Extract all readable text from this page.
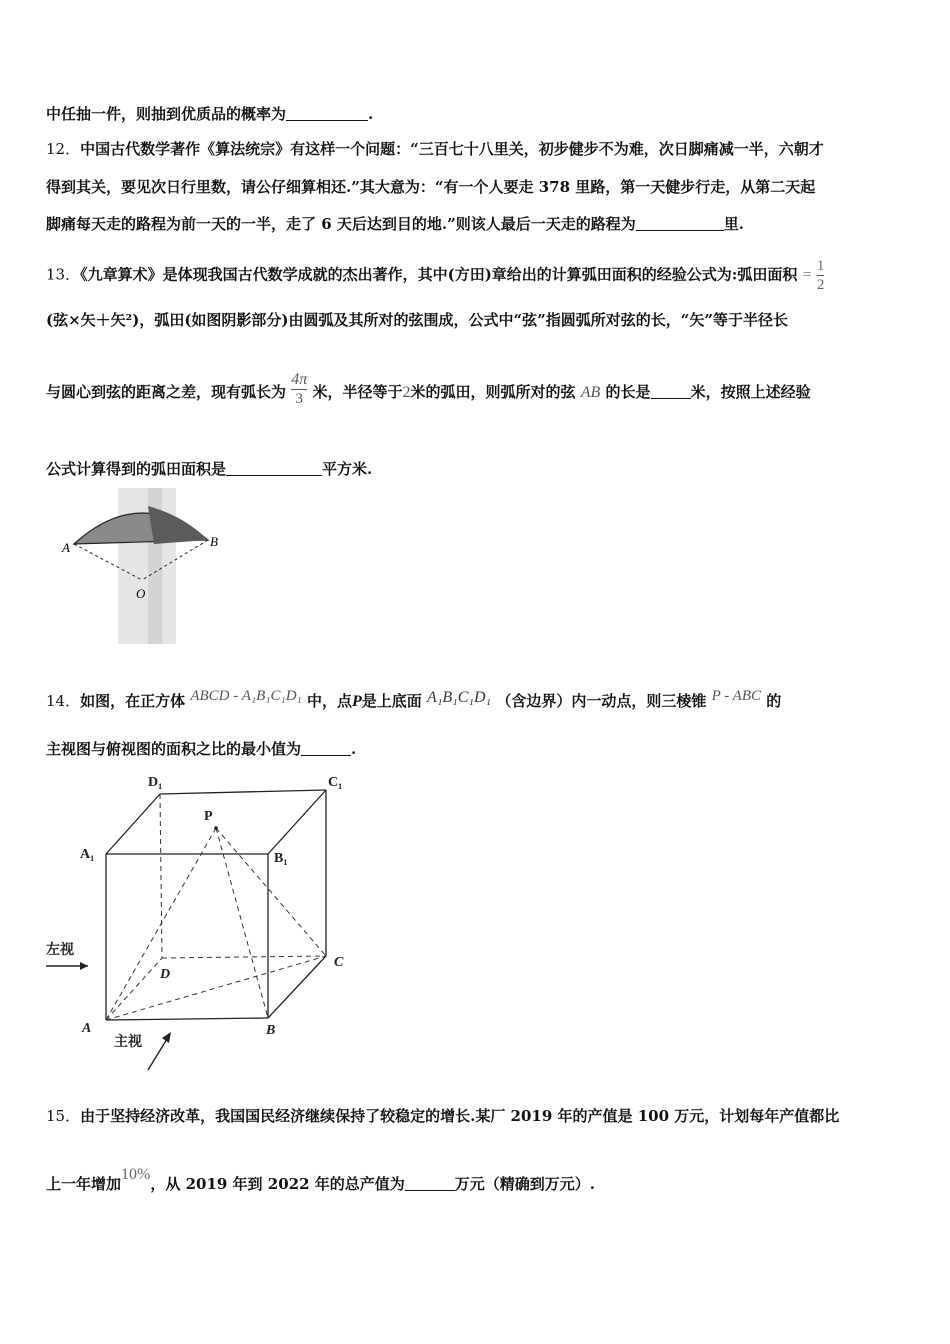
中任抽一件，则抽到优质品的概率为	.
12．中国古代数学著作《算法统宗》有这样一个问题：“三百七十八里关，初步健步不为难，次日脚痛减一半，六朝才
得到其关，要见次日行里数，请公仔细算相还.”其大意为：“有一个人要走 378 里路，第一天健步行走，从第二天起
脚痛每天走的路程为前一天的一半，走了 6 天后达到目的地.”则该人最后一天走的路程为	里.
13．《九章算术》是体现我国古代数学成就的杰出著作，其中(方田)章给出的计算弧田面积的经验公式为:弧田面积 = $\frac{1}{2}$
(弦×矢＋矢²)，弧田(如图阴影部分)由圆弧及其所对的弦围成，公式中“弦”指圆弧所对弦的长，“矢”等于半径长
与圆心到弦的距离之差，现有弧长为 $\frac{4\pi}{3}$ 米，半径等于2米的弧田，则弧所对的弦 AB 的长是	米，按照上述经验
公式计算得到的弧田面积是	平方米.
A	B
O
14．如图，在正方体 ABCD - A₁B₁C₁D₁ 中，点P是上底面 A₁B₁C₁D₁ （含边界）内一动点，则三棱锥 P - ABC 的
主视图与俯视图的面积之比的最小值为	.
D₁	C₁
A₁	B₁
P
D
C
A	B
左视
主视
15．由于坚持经济改革，我国国民经济继续保持了较稳定的增长.某厂 2019 年的产值是 100 万元，计划每年产值都比
上一年增加10%，从 2019 年到 2022 年的总产值为	万元（精确到万元）.
